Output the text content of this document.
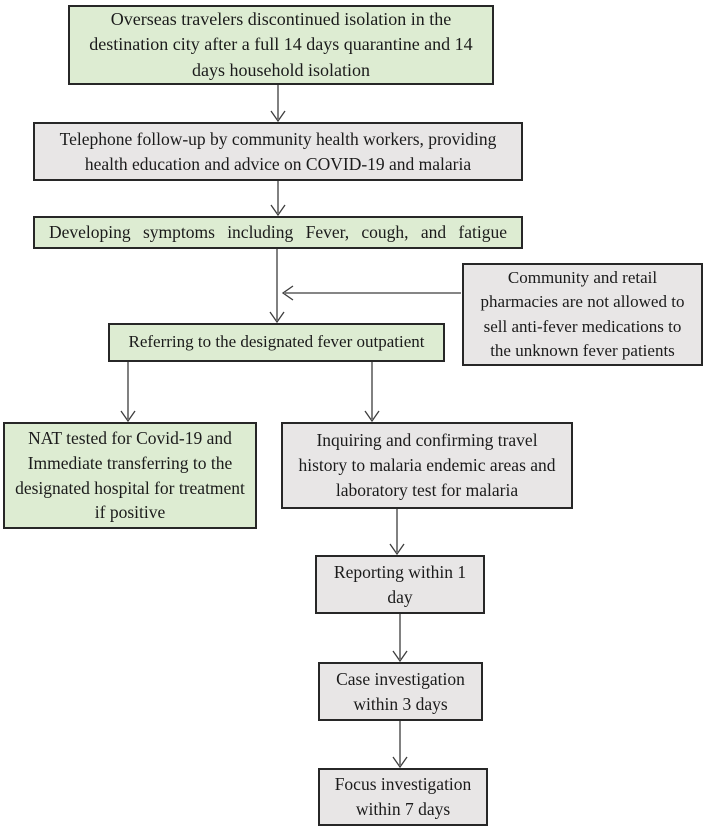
Overseas travelers discontinued isolation in the destination city after a full 14 days quarantine and 14 days household isolation
Telephone follow-up by community health workers, providing health education and advice on COVID-19 and malaria
Developing symptoms including Fever, cough, and fatigue
Community and retail pharmacies are not allowed to sell anti-fever medications to the unknown fever patients
Referring to the designated fever outpatient
NAT tested for Covid-19 and Immediate transferring to the designated hospital for treatment if positive
Inquiring and confirming travel history to malaria endemic areas and laboratory test for malaria
Reporting within 1 day
Case investigation within 3 days
Focus investigation within 7 days
